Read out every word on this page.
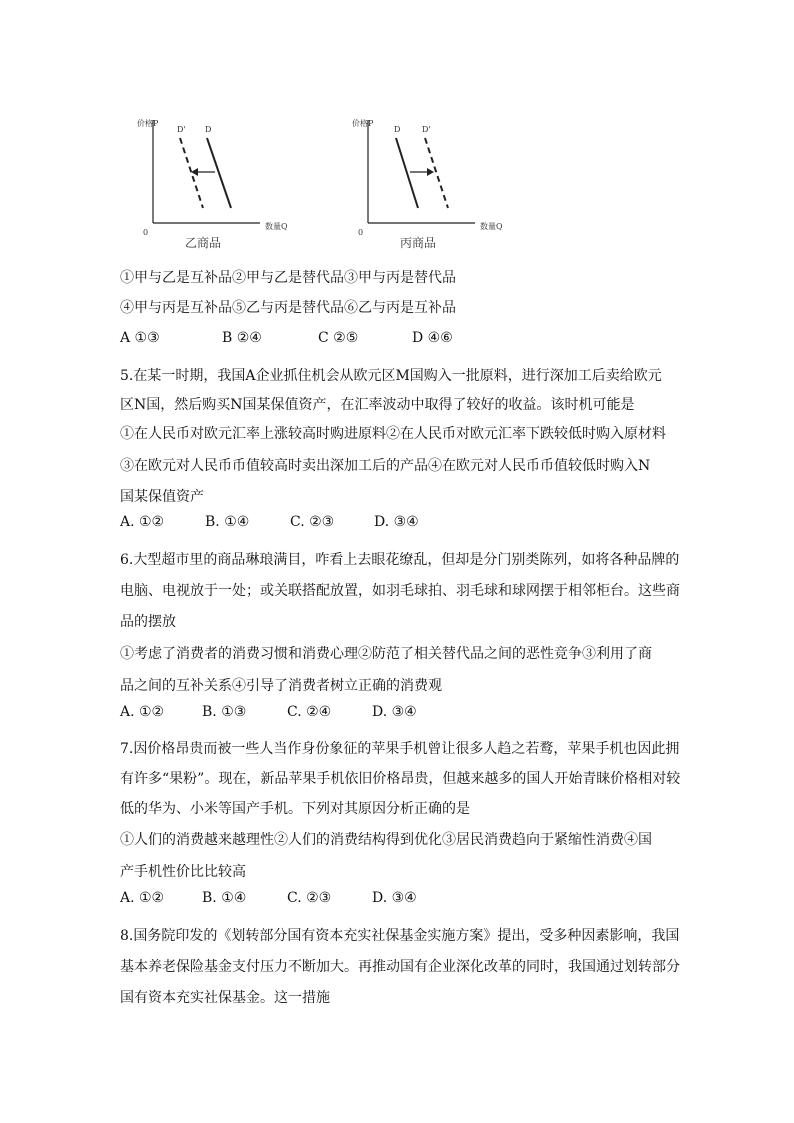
价格P
数量Q
0
D' D
乙商品
价格P
数量Q
0
D	D'
丙商品
①甲与乙是互补品②甲与乙是替代品③甲与丙是替代品
④甲与丙是互补品⑤乙与丙是替代品⑥乙与丙是互补品
A ①③	B ②④	C ②⑤	D ④⑥
5.在某一时期，我国A企业抓住机会从欧元区M国购入一批原料，进行深加工后卖给欧元
区N国，然后购买N国某保值资产，在汇率波动中取得了较好的收益。该时机可能是
①在人民币对欧元汇率上涨较高时购进原料②在人民币对欧元汇率下跌较低时购入原材料
③在欧元对人民币币值较高时卖出深加工后的产品④在欧元对人民币币值较低时购入N
国某保值资产
A. ①②	B. ①④	C. ②③	D. ③④
6.大型超市里的商品琳琅满目，咋看上去眼花缭乱，但却是分门别类陈列，如将各种品牌的
电脑、电视放于一处；或关联搭配放置，如羽毛球拍、羽毛球和球网摆于相邻柜台。这些商
品的摆放
①考虑了消费者的消费习惯和消费心理②防范了相关替代品之间的恶性竞争③利用了商
品之间的互补关系④引导了消费者树立正确的消费观
A. ①②	B. ①③	C. ②④	D. ③④
7.因价格昂贵而被一些人当作身份象征的苹果手机曾让很多人趋之若鹜，苹果手机也因此拥
有许多“果粉”。现在，新品苹果手机依旧价格昂贵，但越来越多的国人开始青睐价格相对较
低的华为、小米等国产手机。下列对其原因分析正确的是
①人们的消费越来越理性②人们的消费结构得到优化③居民消费趋向于紧缩性消费④国
产手机性价比比较高
A. ①②	B. ①④	C. ②③	D. ③④
8.国务院印发的《划转部分国有资本充实社保基金实施方案》提出，受多种因素影响，我国
基本养老保险基金支付压力不断加大。再推动国有企业深化改革的同时，我国通过划转部分
国有资本充实社保基金。这一措施
